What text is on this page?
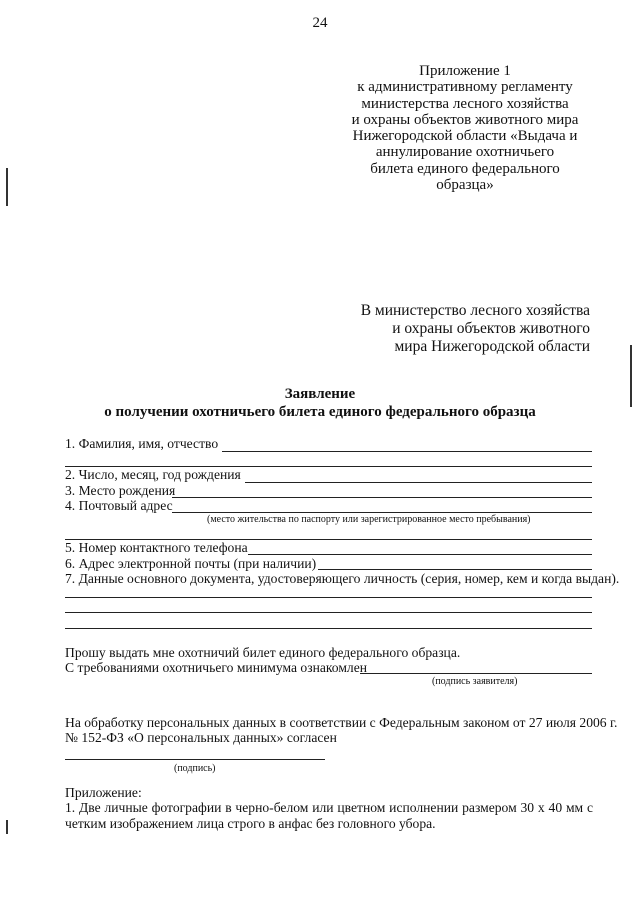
24
Приложение 1
к административному регламенту
министерства лесного хозяйства
и охраны объектов животного мира
Нижегородской области «Выдача и
аннулирование охотничьего
билета единого федерального
образца»
В министерство лесного хозяйства
и охраны объектов животного
мира Нижегородской области
Заявление
о получении охотничьего билета единого федерального образца
1. Фамилия, имя, отчество
2. Число, месяц, год рождения
3. Место рождения
4. Почтовый адрес
(место жительства по паспорту или зарегистрированное место пребывания)
5. Номер контактного телефона
6. Адрес электронной почты (при наличии)
7. Данные основного документа, удостоверяющего личность (серия, номер, кем и когда выдан).
Прошу выдать мне охотничий билет единого федерального образца.
С требованиями охотничьего минимума ознакомлен
(подпись заявителя)
На обработку персональных данных в соответствии с Федеральным законом от 27 июля 2006 г.
№ 152-ФЗ «О персональных данных» согласен
(подпись)
Приложение:
1. Две личные фотографии в черно-белом или цветном исполнении размером 30 х 40 мм с
четким изображением лица строго в анфас без головного убора.
